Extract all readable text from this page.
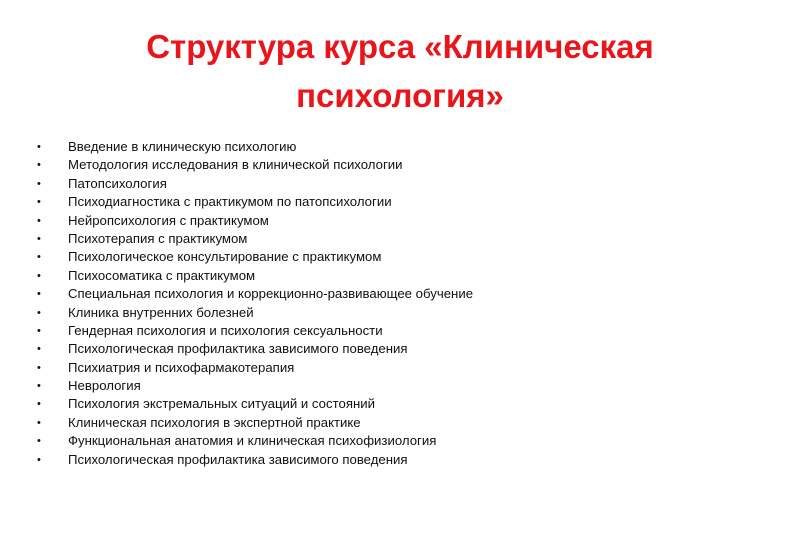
Структура курса «Клиническая психология»
• Введение в клиническую психологию
• Методология исследования в клинической психологии
• Патопсихология
• Психодиагностика с практикумом по патопсихологии
• Нейропсихология с практикумом
• Психотерапия с практикумом
• Психологическое консультирование с практикумом
• Психосоматика с практикумом
• Специальная психология и коррекционно-развивающее обучение
• Клиника внутренних болезней
• Гендерная психология и психология сексуальности
• Психологическая профилактика зависимого поведения
• Психиатрия и психофармакотерапия
• Неврология
• Психология экстремальных ситуаций и состояний
• Клиническая психология в экспертной практике
• Функциональная анатомия и клиническая психофизиология
• Психологическая профилактика зависимого поведения
